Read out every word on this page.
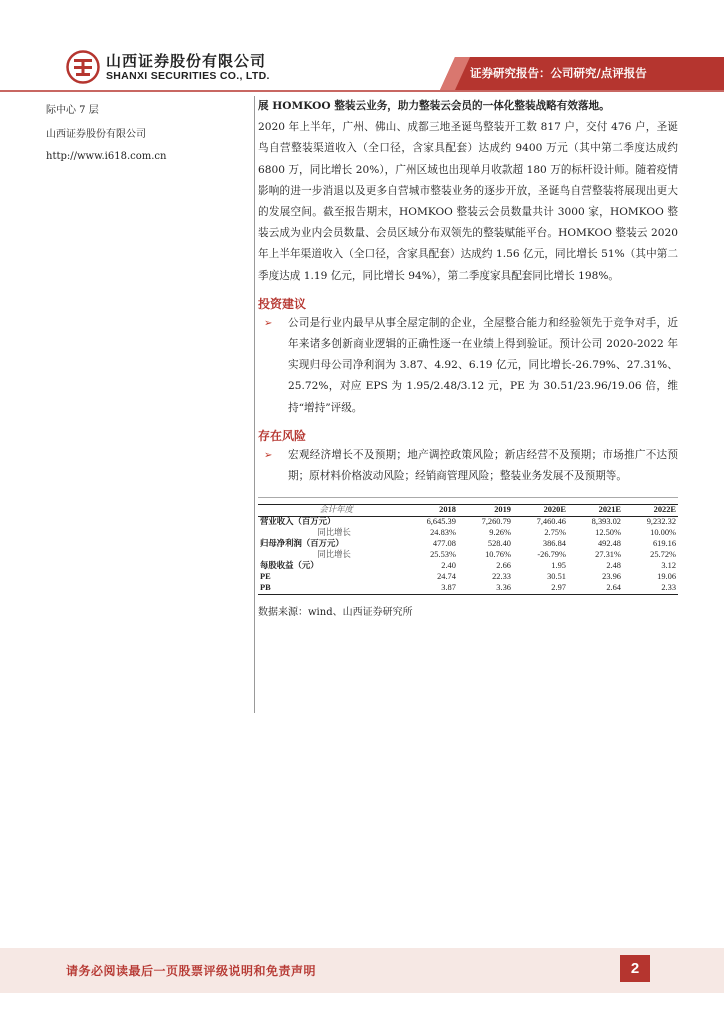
证券研究报告：公司研究/点评报告
山西证券股份有限公司
SHANXI SECURITIES CO., LTD.
际中心 7 层
山西证券股份有限公司
http://www.i618.com.cn

展 HOMKOO 整装云业务，助力整装云会员的一体化整装战略有效落地。

2020 年上半年，广州、佛山、成都三地圣诞鸟整装开工数 817 户，交付 476 户，圣诞鸟自营整装渠道收入（全口径，含家具配套）达成约 9400 万元（其中第二季度达成约 6800 万，同比增长 20%），广州区域也出现单月收款超 180 万的标杆设计师。随着疫情影响的进一步消退以及更多自营城市整装业务的逐步开放，圣诞鸟自营整装将展现出更大的发展空间。截至报告期末，HOMKOO 整装云会员数量共计 3000 家，HOMKOO 整装云成为业内会员数量、会员区域分布双领先的整装赋能平台。HOMKOO 整装云 2020 年上半年渠道收入（全口径，含家具配套）达成约 1.56 亿元，同比增长 51%（其中第二季度达成 1.19 亿元，同比增长 94%），第二季度家具配套同比增长 198%。

投资建议
➢	公司是行业内最早从事全屋定制的企业，全屋整合能力和经验领先于竞争对手，近年来诸多创新商业逻辑的正确性逐一在业绩上得到验证。预计公司 2020-2022 年实现归母公司净利润为 3.87、4.92、6.19 亿元，同比增长-26.79%、27.31%、25.72%，对应 EPS 为 1.95/2.48/3.12 元，PE 为 30.51/23.96/19.06 倍，维持“增持”评级。

存在风险
➢	宏观经济增长不及预期；地产调控政策风险；新店经营不及预期；市场推广不达预期；原材料价格波动风险；经销商管理风险；整装业务发展不及预期等。

会计年度	2018	2019	2020E	2021E	2022E
营业收入（百万元）	6,645.39	7,260.79	7,460.46	8,393.02	9,232.32
同比增长	24.83%	9.26%	2.75%	12.50%	10.00%
归母净利润（百万元）	477.08	528.40	386.84	492.48	619.16
同比增长	25.53%	10.76%	-26.79%	27.31%	25.72%
每股收益（元）	2.40	2.66	1.95	2.48	3.12
PE	24.74	22.33	30.51	23.96	19.06
PB	3.87	3.36	2.97	2.64	2.33
数据来源：wind、山西证券研究所
请务必阅读最后一页股票评级说明和免责声明	2
